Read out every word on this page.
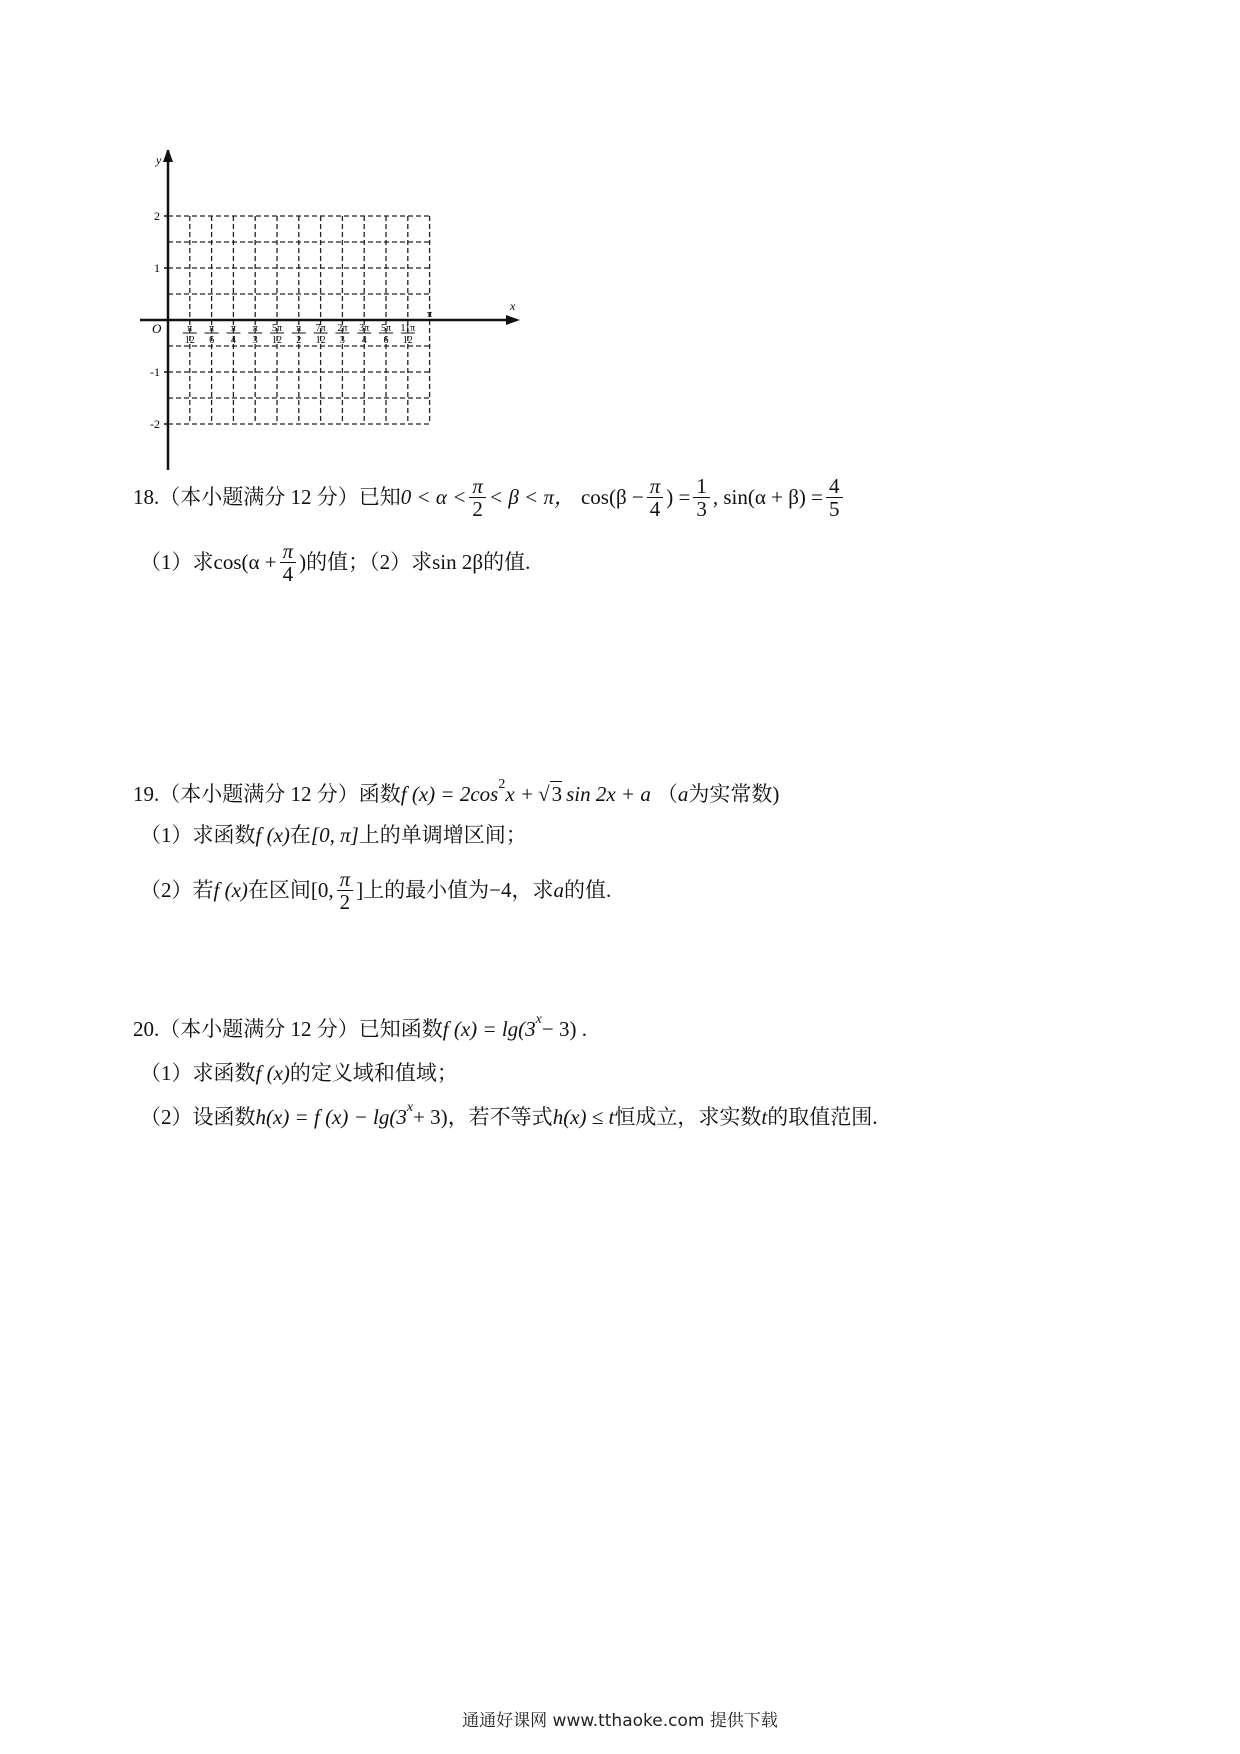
y
x
O
2
1
-1
-2
π
12
π
6
π
4
π
3
5π
12
π
2
7π
12
2π
3
3π
4
5π
6
11π
12
π
18.（本小题满分 12 分）已知 $0 < \alpha < \frac{\pi}{2} < \beta < \pi$， $\cos(\beta - \frac{\pi}{4}$ ) = $\frac{1}{3}$ , $\sin(\alpha + \beta) = \frac{4}{5}$
（1）求 $\cos(\alpha + \frac{\pi}{4}$ ) 的值；（2）求 sin 2β 的值.
19.（本小题满分 12 分）函数 f (x) = 2cos 2 x + √ 3 sin 2x + a （ a 为实常数)
（1）求函数 f (x) 在 [0, π] 上的单调增区间；
（2）若 f (x) 在区间 [0, $\frac{\pi}{2}$ ] 上的最小值为−4，求 a 的值.
20.（本小题满分 12 分）已知函数 f (x) = lg(3 x − 3) .
（1）求函数 f (x) 的定义域和值域；
（2）设函数 h(x) = f (x) − lg(3 x + 3) ，若不等式 h(x) ≤ t 恒成立，求实数 t 的取值范围.
通通好课网 www.tthaoke.com 提供下载
